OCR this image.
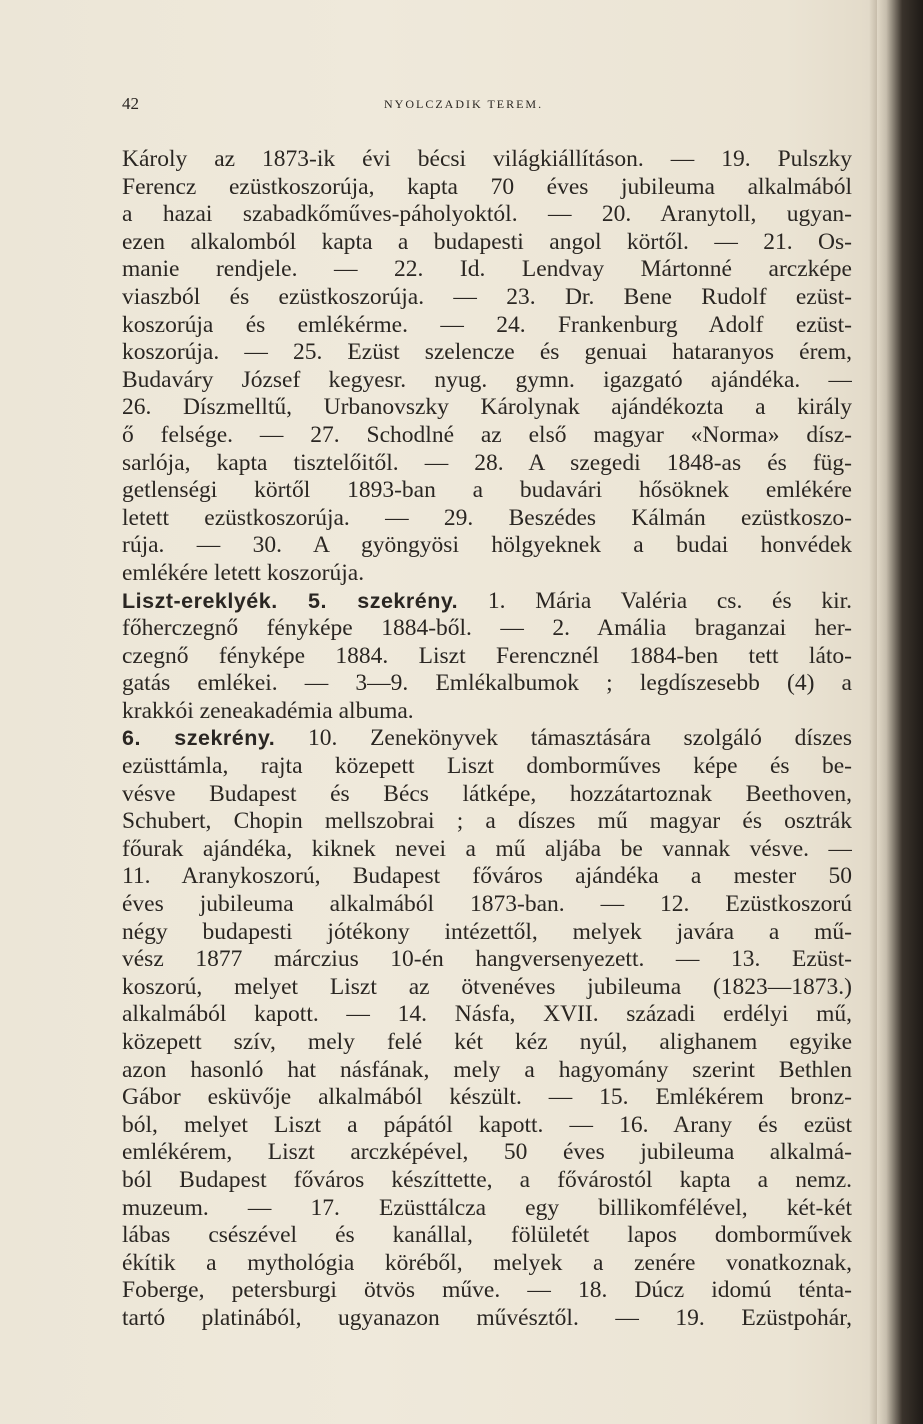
42	NYOLCZADIK TEREM.
Károly az 1873-ik évi bécsi világkiállításon. — 19. Pulszky
Ferencz ezüstkoszorúja, kapta 70 éves jubileuma alkalmából
a hazai szabadkőműves-páholyoktól. — 20. Aranytoll, ugyan-
ezen alkalomból kapta a budapesti angol körtől. — 21. Os-
manie rendjele. — 22. Id. Lendvay Mártonné arczképe
viaszból és ezüstkoszorúja. — 23. Dr. Bene Rudolf ezüst-
koszorúja és emlékérme. — 24. Frankenburg Adolf ezüst-
koszorúja. — 25. Ezüst szelencze és genuai hataranyos érem,
Budaváry József kegyesr. nyug. gymn. igazgató ajándéka. —
26. Díszmelltű, Urbanovszky Károlynak ajándékozta a király
ő felsége. — 27. Schodlné az első magyar «Norma» dísz-
sarlója, kapta tisztelőitől. — 28. A szegedi 1848-as és füg-
getlenségi körtől 1893-ban a budavári hősöknek emlékére
letett ezüstkoszorúja. — 29. Beszédes Kálmán ezüstkoszo-
rúja. — 30. A gyöngyösi hölgyeknek a budai honvédek
emlékére letett koszorúja.
Liszt-ereklyék. 5. szekrény. 1. Mária Valéria cs. és kir.
főherczegnő fényképe 1884-ből. — 2. Amália braganzai her-
czegnő fényképe 1884. Liszt Ferencznél 1884-ben tett láto-
gatás emlékei. — 3—9. Emlékalbumok ; legdíszesebb (4) a
krakkói zeneakadémia albuma.
6. szekrény. 10. Zenekönyvek támasztására szolgáló díszes
ezüsttámla, rajta közepett Liszt domborműves képe és be-
vésve Budapest és Bécs látképe, hozzátartoznak Beethoven,
Schubert, Chopin mellszobrai ; a díszes mű magyar és osztrák
főurak ajándéka, kiknek nevei a mű aljába be vannak vésve. —
11. Aranykoszorú, Budapest főváros ajándéka a mester 50
éves jubileuma alkalmából 1873-ban. — 12. Ezüstkoszorú
négy budapesti jótékony intézettől, melyek javára a mű-
vész 1877 márczius 10-én hangversenyezett. — 13. Ezüst-
koszorú, melyet Liszt az ötvenéves jubileuma (1823—1873.)
alkalmából kapott. — 14. Násfa, XVII. századi erdélyi mű,
közepett szív, mely felé két kéz nyúl, alighanem egyike
azon hasonló hat násfának, mely a hagyomány szerint Bethlen
Gábor esküvője alkalmából készült. — 15. Emlékérem bronz-
ból, melyet Liszt a pápától kapott. — 16. Arany és ezüst
emlékérem, Liszt arczképével, 50 éves jubileuma alkalmá-
ból Budapest főváros készíttette, a fővárostól kapta a nemz.
muzeum. — 17. Ezüsttálcza egy billikomfélével, két-két
lábas csészével és kanállal, fölületét lapos domborművek
ékítik a mythológia köréből, melyek a zenére vonatkoznak,
Foberge, petersburgi ötvös műve. — 18. Dúcz idomú ténta-
tartó platinából, ugyanazon művésztől. — 19. Ezüstpohár,
